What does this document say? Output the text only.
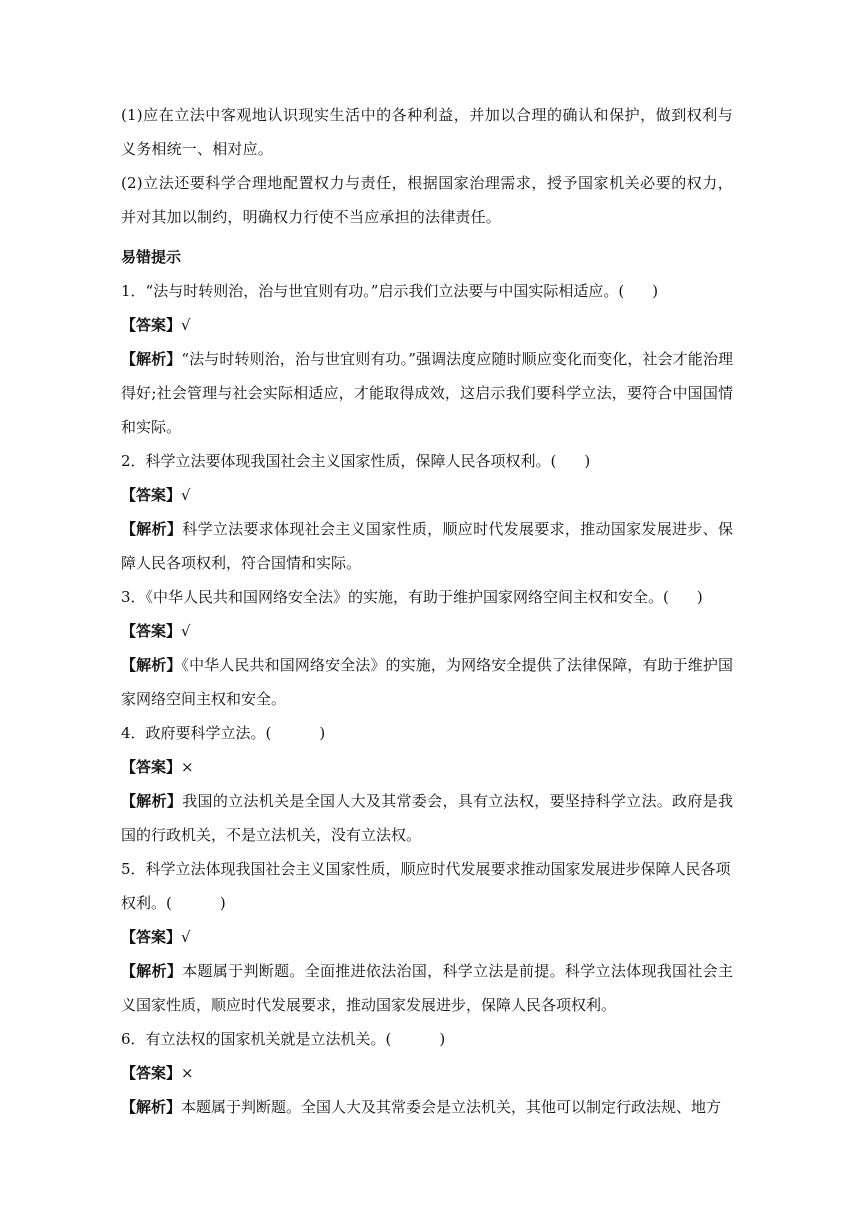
(1)应在立法中客观地认识现实生活中的各种利益，并加以合理的确认和保护，做到权利与义务相统一、相对应。

(2)立法还要科学合理地配置权力与责任，根据国家治理需求，授予国家机关必要的权力，并对其加以制约，明确权力行使不当应承担的法律责任。

易错提示

1．“法与时转则治，治与世宜则有功。”启示我们立法要与中国实际相适应。( )

【答案】√

【解析】“法与时转则治，治与世宜则有功。”强调法度应随时顺应变化而变化，社会才能治理得好;社会管理与社会实际相适应，才能取得成效，这启示我们要科学立法，要符合中国国情和实际。

2．科学立法要体现我国社会主义国家性质，保障人民各项权利。( )

【答案】√

【解析】科学立法要求体现社会主义国家性质，顺应时代发展要求，推动国家发展进步、保障人民各项权利，符合国情和实际。

3．《中华人民共和国网络安全法》的实施，有助于维护国家网络空间主权和安全。( )

【答案】√

【解析】《中华人民共和国网络安全法》的实施，为网络安全提供了法律保障，有助于维护国家网络空间主权和安全。

4．政府要科学立法。(	)

【答案】×

【解析】我国的立法机关是全国人大及其常委会，具有立法权，要坚持科学立法。政府是我国的行政机关，不是立法机关，没有立法权。

5．科学立法体现我国社会主义国家性质，顺应时代发展要求推动国家发展进步保障人民各项权利。(	)

【答案】√

【解析】本题属于判断题。全面推进依法治国，科学立法是前提。科学立法体现我国社会主义国家性质，顺应时代发展要求，推动国家发展进步，保障人民各项权利。

6．有立法权的国家机关就是立法机关。(	)

【答案】×

【解析】本题属于判断题。全国人大及其常委会是立法机关，其他可以制定行政法规、地方
